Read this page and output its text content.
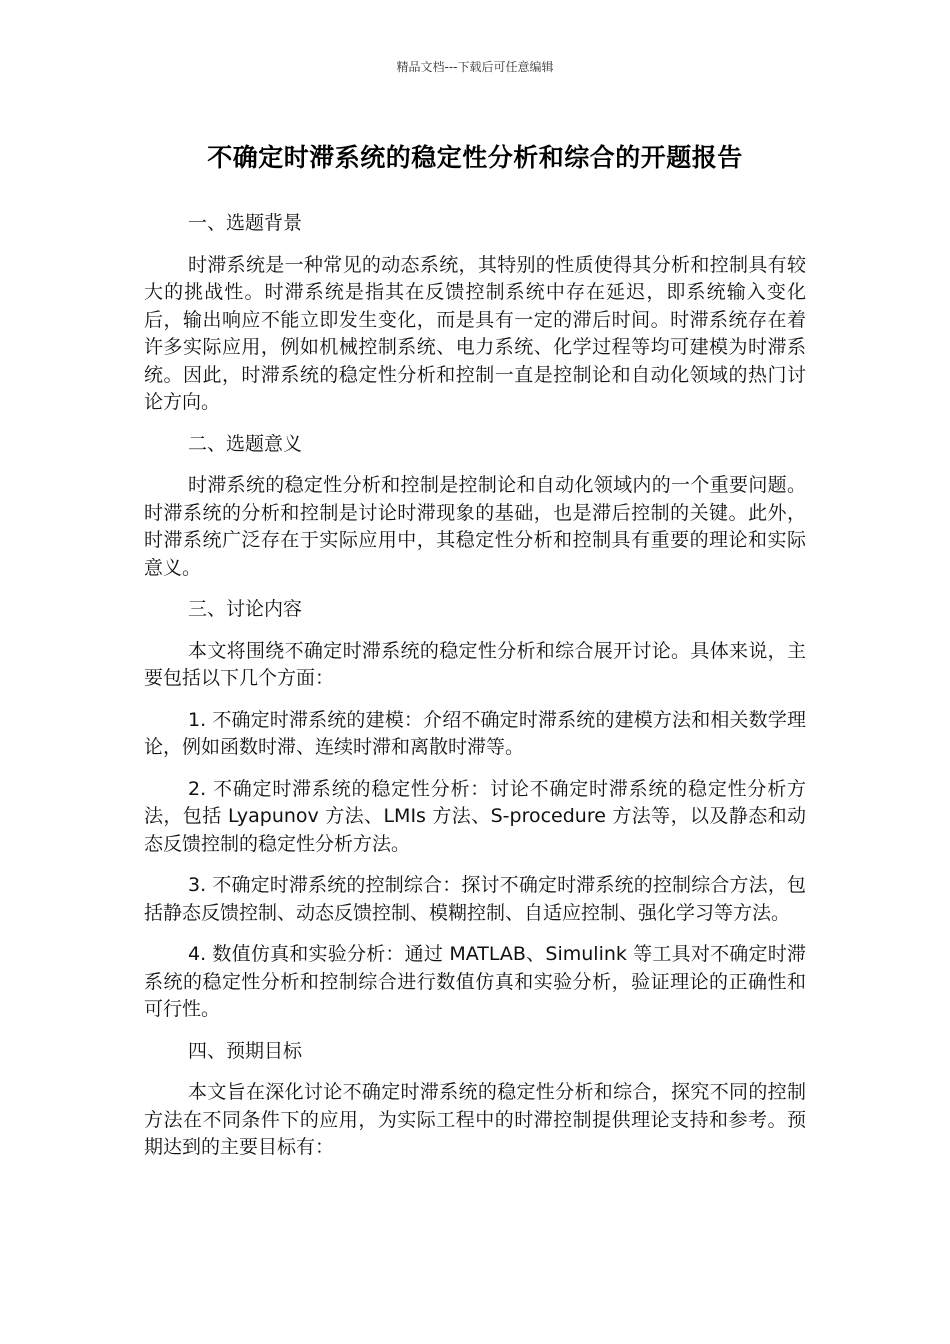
精品文档---下载后可任意编辑
不确定时滞系统的稳定性分析和综合的开题报告
一、选题背景
时滞系统是一种常见的动态系统，其特别的性质使得其分析和控制具有较大的挑战性。时滞系统是指其在反馈控制系统中存在延迟，即系统输入变化后，输出响应不能立即发生变化，而是具有一定的滞后时间。时滞系统存在着许多实际应用，例如机械控制系统、电力系统、化学过程等均可建模为时滞系统。因此，时滞系统的稳定性分析和控制一直是控制论和自动化领域的热门讨论方向。
二、选题意义
时滞系统的稳定性分析和控制是控制论和自动化领域内的一个重要问题。时滞系统的分析和控制是讨论时滞现象的基础，也是滞后控制的关键。此外，时滞系统广泛存在于实际应用中，其稳定性分析和控制具有重要的理论和实际意义。
三、讨论内容
本文将围绕不确定时滞系统的稳定性分析和综合展开讨论。具体来说，主要包括以下几个方面：
1. 不确定时滞系统的建模：介绍不确定时滞系统的建模方法和相关数学理论，例如函数时滞、连续时滞和离散时滞等。
2. 不确定时滞系统的稳定性分析：讨论不确定时滞系统的稳定性分析方法，包括 Lyapunov 方法、LMIs 方法、S-procedure 方法等，以及静态和动态反馈控制的稳定性分析方法。
3. 不确定时滞系统的控制综合：探讨不确定时滞系统的控制综合方法，包括静态反馈控制、动态反馈控制、模糊控制、自适应控制、强化学习等方法。
4. 数值仿真和实验分析：通过 MATLAB、Simulink 等工具对不确定时滞系统的稳定性分析和控制综合进行数值仿真和实验分析，验证理论的正确性和可行性。
四、预期目标
本文旨在深化讨论不确定时滞系统的稳定性分析和综合，探究不同的控制方法在不同条件下的应用，为实际工程中的时滞控制提供理论支持和参考。预期达到的主要目标有：
